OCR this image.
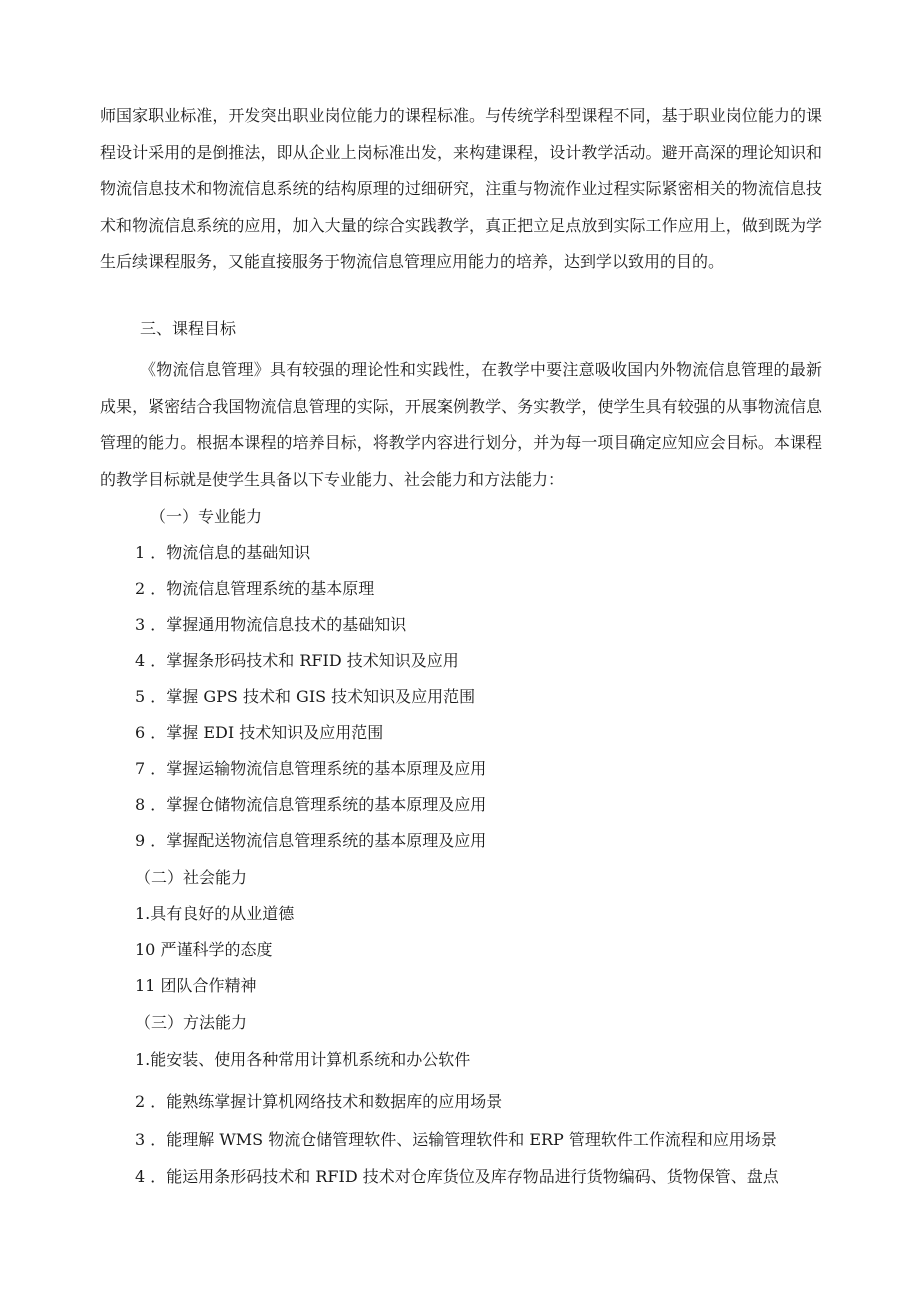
师国家职业标准，开发突出职业岗位能力的课程标准。与传统学科型课程不同，基于职业岗位能力的课程设计采用的是倒推法，即从企业上岗标准出发，来构建课程，设计教学活动。避开高深的理论知识和物流信息技术和物流信息系统的结构原理的过细研究，注重与物流作业过程实际紧密相关的物流信息技术和物流信息系统的应用，加入大量的综合实践教学，真正把立足点放到实际工作应用上，做到既为学生后续课程服务，又能直接服务于物流信息管理应用能力的培养，达到学以致用的目的。

三、课程目标

《物流信息管理》具有较强的理论性和实践性，在教学中要注意吸收国内外物流信息管理的最新成果，紧密结合我国物流信息管理的实际，开展案例教学、务实教学，使学生具有较强的从事物流信息管理的能力。根据本课程的培养目标，将教学内容进行划分，并为每一项目确定应知应会目标。本课程的教学目标就是使学生具备以下专业能力、社会能力和方法能力：

（一）专业能力

1 ．物流信息的基础知识

2 ．物流信息管理系统的基本原理

3 ．掌握通用物流信息技术的基础知识

4 ．掌握条形码技术和 RFID 技术知识及应用

5 ．掌握 GPS 技术和 GIS 技术知识及应用范围

6 ．掌握 EDI 技术知识及应用范围

7 ．掌握运输物流信息管理系统的基本原理及应用

8 ．掌握仓储物流信息管理系统的基本原理及应用

9 ．掌握配送物流信息管理系统的基本原理及应用

（二）社会能力

1.具有良好的从业道德

10 严谨科学的态度

11 团队合作精神

（三）方法能力

1.能安装、使用各种常用计算机系统和办公软件

2 ．能熟练掌握计算机网络技术和数据库的应用场景

3 ．能理解 WMS 物流仓储管理软件、运输管理软件和 ERP 管理软件工作流程和应用场景

4 ．能运用条形码技术和 RFID 技术对仓库货位及库存物品进行货物编码、货物保管、盘点
